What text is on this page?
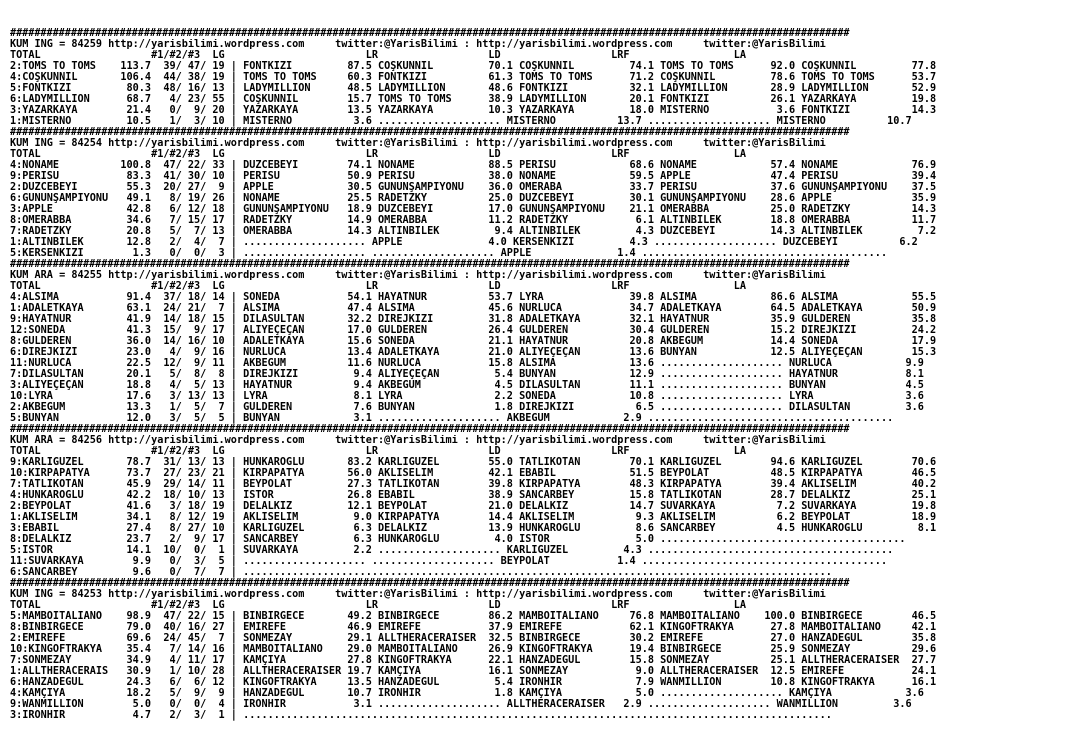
##########################################################################################################################################
KUM ING = 84259 http://yarisbilimi.wordpress.com     twitter:@YarisBilimi : http://yarisbilimi.wordpress.com     twitter:@YarisBilimi
TOTAL                  #1/#2/#3  LG                       LR                  LD                  LRF                 LA
2:TOMS TO TOMS    113.7  39/ 47/ 19 | FONTKIZI         87.5 COŞKUNNİL         70.1 COŞKUNNİL         74.1 TOMS TO TOMS      92.0 COŞKUNNİL         77.8
4:COŞKUNNİL       106.4  44/ 38/ 19 | TOMS TO TOMS     60.3 FONTKIZI          61.3 TOMS TO TOMS      71.2 COŞKUNNİL         78.6 TOMS TO TOMS      53.7
5:FONTKIZI         80.3  48/ 16/ 13 | LADYMILLION      48.5 LADYMILLION       48.6 FONTKIZI          32.1 LADYMILLION       28.9 LADYMILLION       52.9
6:LADYMILLION      68.7   4/ 23/ 55 | COŞKUNNİL        15.7 TOMS TO TOMS      38.9 LADYMILLION       20.1 FONTKIZI          26.1 YAZARKAYA         19.8
3:YAZARKAYA        21.4   0/  9/ 20 | YAZARKAYA        13.5 YAZARKAYA         10.3 YAZARKAYA         18.0 MISTERNO           3.6 FONTKIZI          14.3
1:MISTERNO         10.5   1/  3/ 10 | MISTERNO          3.6 .................... MISTERNO          13.7 .................... MISTERNO          10.7
##########################################################################################################################################
KUM ING = 84254 http://yarisbilimi.wordpress.com     twitter:@YarisBilimi : http://yarisbilimi.wordpress.com     twitter:@YarisBilimi
TOTAL                  #1/#2/#3  LG                       LR                  LD                  LRF                 LA
4:NONAME          100.8  47/ 22/ 33 | DÜZCEBEYİ        74.1 NONAME            88.5 PERİSU            68.6 NONAME            57.4 NONAME            76.9
9:PERİSU           83.3  41/ 30/ 10 | PERİSU           50.9 PERİSU            38.0 NONAME            59.5 APPLE             47.4 PERİSU            39.4
2:DÜZCEBEYİ        55.3  20/ 27/  9 | APPLE            30.5 GÜNÜNŞAMPİYONU    36.0 ÖMERABA           33.7 PERİSU            37.6 GÜNÜNŞAMPİYONU    37.5
6:GÜNÜNŞAMPİYONU   49.1   8/ 19/ 26 | NONAME           25.5 RADETZKY          25.0 DÜZCEBEYİ         30.1 GÜNÜNŞAMPİYONU    28.6 APPLE             35.9
3:APPLE            42.8   6/ 12/ 18 | GÜNÜNŞAMPİYONU   18.9 DÜZCEBEYİ         17.0 GÜNÜNŞAMPİYONU    21.1 ÖMERABBA          25.0 RADETZKY          14.3
8:ÖMERABBA         34.6   7/ 15/ 17 | RADETZKY         14.9 ÖMERABBA          11.2 RADETZKY           6.1 ALTINBİLEK        18.8 ÖMERABBA          11.7
7:RADETZKY         20.8   5/  7/ 13 | ÖMERABBA         14.3 ALTINBİLEK         9.4 ALTINBİLEK         4.3 DÜZCEBEYİ         14.3 ALTINBİLEK         7.2
1:ALTINBİLEK       12.8   2/  4/  7 | .................... APPLE              4.0 KERSENKIZI         4.3 .................... DÜZCEBEYİ          6.2
5:KERSENKIZI        1.3   0/  0/  3 | .................... .................... APPLE              1.4 ........................................
##########################################################################################################################################
KUM ARA = 84255 http://yarisbilimi.wordpress.com     twitter:@YarisBilimi : http://yarisbilimi.wordpress.com     twitter:@YarisBilimi
TOTAL                  #1/#2/#3  LG                       LR                  LD                  LRF                 LA
4:ALSİMA           91.4  37/ 18/ 14 | SONEDA           54.1 HAYATNUR          53.7 LYRA              39.8 ALSİMA            86.6 ALSİMA            55.5
1:ADALETKAYA       63.1  24/ 21/  7 | ALSİMA           47.4 ALSİMA            45.6 NURLUCA           34.7 ADALETKAYA        64.5 ADALETKAYA        50.9
9:HAYATNUR         41.9  14/ 18/ 15 | DİLASULTAN       32.2 DİREJKIZI         31.8 ADALETKAYA        32.1 HAYATNUR          35.9 GÜLDEREN          35.8
12:SONEDA          41.3  15/  9/ 17 | ALİYEÇEÇAN       17.0 GÜLDEREN          26.4 GÜLDEREN          30.4 GÜLDEREN          15.2 DİREJKIZI         24.2
8:GÜLDEREN         36.0  14/ 16/ 10 | ADALETKAYA       15.6 SONEDA            21.1 HAYATNUR          20.8 AKBEGÜM           14.4 SONEDA            17.9
6:DİREJKIZI        23.0   4/  9/ 16 | NURLUCA          13.4 ADALETKAYA        21.0 ALİYEÇEÇAN        13.6 BÜNYAN            12.5 ALİYEÇEÇAN        15.3
11:NURLUCA         22.5  12/  9/ 11 | AKBEGÜM          11.6 NURLUCA           15.8 ALSİMA            13.6 .................... NURLUCA            9.9
7:DİLASULTAN       20.1   5/  8/  8 | DİREJKIZI         9.4 ALİYEÇEÇAN         5.4 BÜNYAN            12.9 .................... HAYATNUR           8.1
3:ALİYEÇEÇAN       18.8   4/  5/ 13 | HAYATNUR          9.4 AKBEGÜM            4.5 DİLASULTAN        11.1 .................... BÜNYAN             4.5
10:LYRA            17.6   3/ 13/ 13 | LYRA              8.1 LYRA               2.2 SONEDA            10.8 .................... LYRA               3.6
2:AKBEGÜM          13.3   1/  5/  7 | GÜLDEREN          7.6 BÜNYAN             1.8 DİREJKIZI          6.5 .................... DİLASULTAN         3.6
5:BÜNYAN           12.0   3/  5/  5 | BÜNYAN            3.1 .................... AKBEGÜM            2.9 ........................................
##########################################################################################################################################
KUM ARA = 84256 http://yarisbilimi.wordpress.com     twitter:@YarisBilimi : http://yarisbilimi.wordpress.com     twitter:@YarisBilimi
TOTAL                  #1/#2/#3  LG                       LR                  LD                  LRF                 LA
9:KARLIGÜZEL       78.7  31/ 13/ 13 | HÜNKAROĞLU       83.2 KARLIGÜZEL        55.0 TATLIKOTAN        70.1 KARLIGÜZEL        94.6 KARLIGÜZEL        70.6
10:KIRPAPATYA      73.7  27/ 23/ 21 | KIRPAPATYA       56.0 AKLISELİM         42.1 EBABİL            51.5 BEYPOLAT          48.5 KIRPAPATYA        46.5
7:TATLIKOTAN       45.9  29/ 14/ 11 | BEYPOLAT         27.3 TATLIKOTAN        39.8 KIRPAPATYA        48.3 KIRPAPATYA        39.4 AKLISELİM         40.2
4:HÜNKAROĞLU       42.2  18/ 10/ 13 | İSTOR            26.8 EBABİL            38.9 SANCARBEY         15.8 TATLIKOTAN        28.7 DELALKIZ          25.1
2:BEYPOLAT         41.6   3/ 18/ 19 | DELALKIZ         12.1 BEYPOLAT          21.0 DELALKIZ          14.7 SUVARKAYA          7.2 SUVARKAYA         19.8
1:AKLISELİM        34.1   8/ 12/ 19 | AKLISELİM         9.0 KIRPAPATYA        14.4 AKLISELİM          9.3 AKLISELİM          6.2 BEYPOLAT          18.9
3:EBABİL           27.4   8/ 27/ 10 | KARLIGÜZEL        6.3 DELALKIZ          13.9 HÜNKAROĞLU         8.6 SANCARBEY          4.5 HÜNKAROĞLU         8.1
8:DELALKIZ         23.7   2/  9/ 17 | SANCARBEY         6.3 HÜNKAROĞLU         4.0 İSTOR              5.0 ........................................
5:İSTOR            14.1  10/  0/  1 | SUVARKAYA         2.2 .................... KARLIGÜZEL         4.3 ........................................
11:SUVARKAYA        9.9   0/  3/  5 | .................... .................... BEYPOLAT           1.4 ........................................
6:SANCARBEY         9.6   0/  7/  7 | ................................................................................................
##########################################################################################################################################
KUM ING = 84253 http://yarisbilimi.wordpress.com     twitter:@YarisBilimi : http://yarisbilimi.wordpress.com     twitter:@YarisBilimi
TOTAL                  #1/#2/#3  LG                       LR                  LD                  LRF                 LA
5:MAMBOITALIANO    98.9  47/ 22/ 15 | BİNBİRGECE       49.2 BİNBİRGECE        86.2 MAMBOITALIANO     76.8 MAMBOITALIANO    100.0 BİNBİRGECE        46.5
8:BİNBİRGECE       79.0  40/ 16/ 27 | EMİREFE          46.9 EMİREFE           37.9 EMİREFE           62.1 KINGOFTRAKYA      27.8 MAMBOITALIANO     42.1
2:EMİREFE          69.6  24/ 45/  7 | SÖNMEZAY         29.1 ALLTHERACERAISER  32.5 BİNBİRGECE        30.2 EMİREFE           27.0 HANZADEGÜL        35.8
10:KINGOFTRAKYA    35.4   7/ 14/ 16 | MAMBOITALIANO    29.0 MAMBOITALIANO     26.9 KINGOFTRAKYA      19.4 BİNBİRGECE        25.9 SÖNMEZAY          29.6
7:SÖNMEZAY         34.9   4/ 11/ 17 | KAMÇIYA          27.8 KINGOFTRAKYA      22.1 HANZADEGÜL        15.8 SÖNMEZAY          25.1 ALLTHERACERAISER  27.7
1:ALLTHERACERAIS   30.9   1/ 10/ 28 | ALLTHERACERAISER 19.7 KAMÇIYA           16.1 SÖNMEZAY           9.0 ALLTHERACERAISER  12.5 EMİREFE           24.1
6:HANZADEGÜL       24.3   6/  6/ 12 | KINGOFTRAKYA     13.5 HANZADEGÜL         5.4 IRONHIR            7.9 WANMILLION        10.8 KINGOFTRAKYA      16.1
4:KAMÇIYA          18.2   5/  9/  9 | HANZADEGÜL       10.7 IRONHIR            1.8 KAMÇIYA            5.0 .................... KAMÇIYA            3.6
9:WANMILLION        5.0   0/  0/  4 | IRONHIR           3.1 .................... ALLTHERACERAISER   2.9 .................... WANMILLION         3.6
3:IRONHIR           4.7   2/  3/  1 | ................................................................................................
